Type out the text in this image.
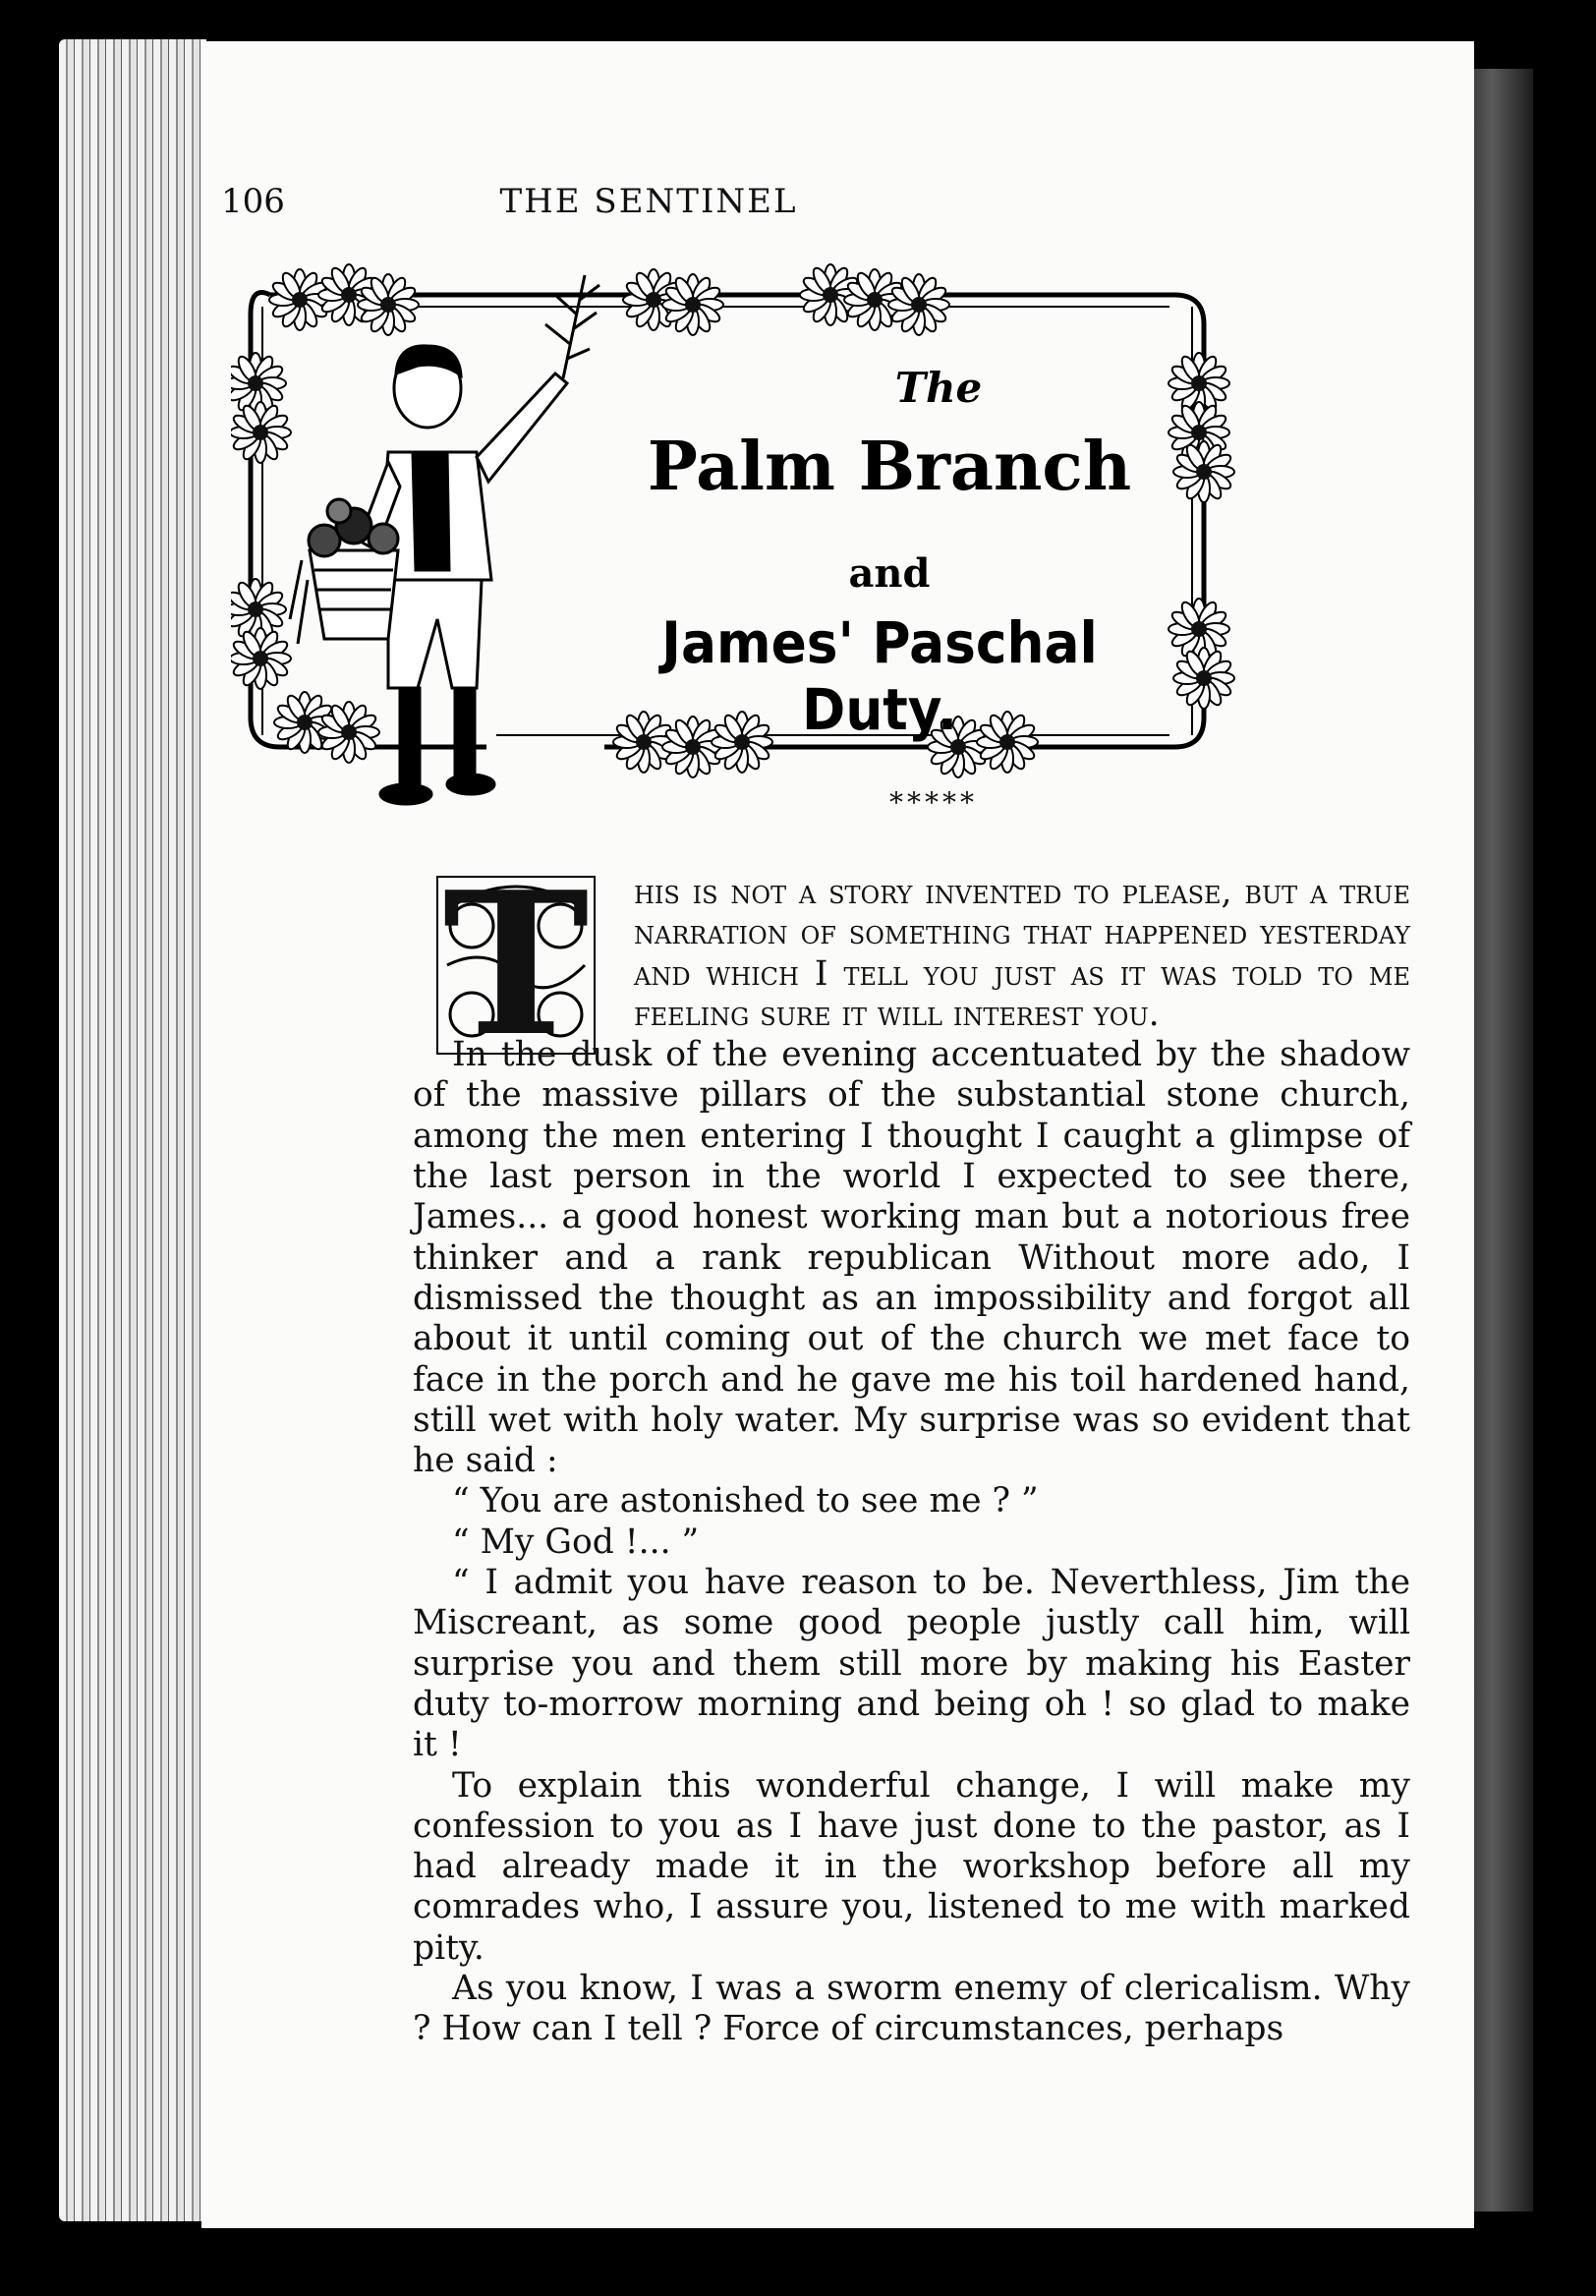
106	THE SENTINEL
The
Palm Branch
and
James' Paschal Duty.
*****
T	his is not a story invented to please, but a true narration of something that happened yesterday and which I tell you just as it was told to me feeling sure it will interest you.

In the dusk of the evening accentuated by the shadow of the massive pillars of the substantial stone church, among the men entering I thought I caught a glimpse of the last person in the world I expected to see there, James... a good honest working man but a notorious free thinker and a rank republican Without more ado, I dismissed the thought as an impossibility and forgot all about it until coming out of the church we met face to face in the porch and he gave me his toil hardened hand, still wet with holy water. My surprise was so evident that he said :

“ You are astonished to see me ? ”

“ My God !... ”

“ I admit you have reason to be. Neverthless, Jim the Miscreant, as some good people justly call him, will surprise you and them still more by making his Easter duty to-morrow morning and being oh ! so glad to make it !

To explain this wonderful change, I will make my confession to you as I have just done to the pastor, as I had already made it in the workshop before all my comrades who, I assure you, listened to me with marked pity.

As you know, I was a sworm enemy of clericalism. Why ? How can I tell ? Force of circumstances, perhaps
